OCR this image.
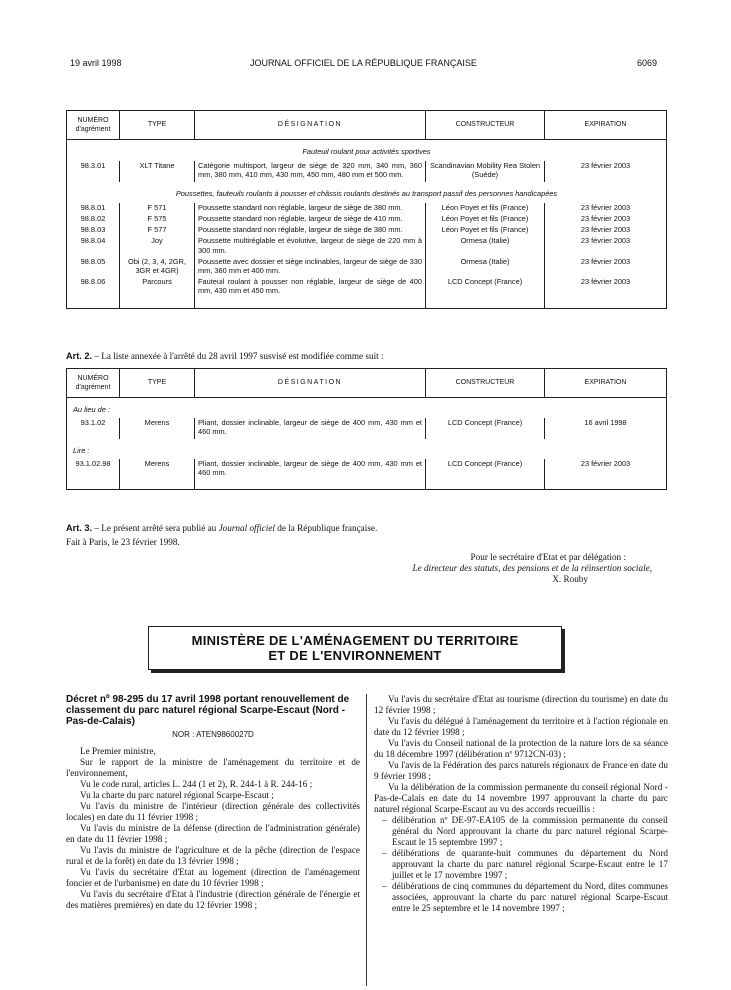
19 avril 1998	JOURNAL OFFICIEL DE LA RÉPUBLIQUE FRANÇAISE	6069
NUMÉRO d'agrément	TYPE	DÉSIGNATION	CONSTRUCTEUR	EXPIRATION
Fauteuil roulant pour activités sportives				
98.3.01	XLT Titane	Catégorie multisport, largeur de siège de 320 mm, 340 mm, 360 mm, 380 mm, 410 mm, 430 mm, 450 mm, 480 mm et 500 mm.	Scandinavian Mobility Rea Stolen (Suède)	23 février 2003
Poussettes, fauteuils roulants à pousser et châssis roulants destinés au transport passif des personnes handicapées				
98.8.01	F 571	Poussette standard non réglable, largeur de siège de 380 mm.	Léon Poyet et fils (France)	23 février 2003
98.8.02	F 575	Poussette standard non réglable, largeur de siège de 410 mm.	Léon Poyet et fils (France)	23 février 2003
98.8.03	F 577	Poussette standard non réglable, largeur de siège de 380 mm.	Léon Poyet et fils (France)	23 février 2003
98.8.04	Joy	Poussette multiréglable et évolutive, largeur de siège de 220 mm à 300 mm.	Ormesa (Italie)	23 février 2003
98.8.05	Obi (2, 3, 4, 2GR, 3GR et 4GR)	Poussette avec dossier et siège inclinables, largeur de siège de 330 mm, 360 mm et 400 mm.	Ormesa (Italie)	23 février 2003
98.8.06	Parcours	Fauteuil roulant à pousser non réglable, largeur de siège de 400 mm, 430 mm et 450 mm.	LCD Concept (France)	23 février 2003
Art. 2. – La liste annexée à l'arrêté du 28 avril 1997 susvisé est modifiée comme suit :
NUMÉRO d'agrément	TYPE	DÉSIGNATION	CONSTRUCTEUR	EXPIRATION
Au lieu de :				
93.1.02	Merens	Pliant, dossier inclinable, largeur de siège de 400 mm, 430 mm et 460 mm.	LCD Concept (France)	16 avril 1998
Lire :				
93.1.02.98	Merens	Pliant, dossier inclinable, largeur de siège de 400 mm, 430 mm et 460 mm.	LCD Concept (France)	23 février 2003
Art. 3. – Le présent arrêté sera publié au Journal officiel de la République française.
Fait à Paris, le 23 février 1998.
Pour le secrétaire d'Etat et par délégation :
Le directeur des statuts, des pensions et de la réinsertion sociale,
X. Rouby
MINISTÈRE DE L'AMÉNAGEMENT DU TERRITOIRE
ET DE L'ENVIRONNEMENT

Décret nº 98-295 du 17 avril 1998 portant renouvellement de classement du parc naturel régional Scarpe-Escaut (Nord - Pas-de-Calais)

NOR : ATEN9860027D

Le Premier ministre,

Sur le rapport de la ministre de l'aménagement du territoire et de l'environnement,

Vu le code rural, articles L. 244 (1 et 2), R. 244-1 à R. 244-16 ;

Vu la charte du parc naturel régional Scarpe-Escaut ;

Vu l'avis du ministre de l'intérieur (direction générale des collectivités locales) en date du 11 février 1998 ;

Vu l'avis du ministre de la défense (direction de l'administration générale) en date du 11 février 1998 ;

Vu l'avis du ministre de l'agriculture et de la pêche (direction de l'espace rural et de la forêt) en date du 13 février 1998 ;

Vu l'avis du secrétaire d'Etat au logement (direction de l'aménagement foncier et de l'urbanisme) en date du 10 février 1998 ;

Vu l'avis du secrétaire d'Etat à l'industrie (direction générale de l'énergie et des matières premières) en date du 12 février 1998 ;

Vu l'avis du secrétaire d'Etat au tourisme (direction du tourisme) en date du 12 février 1998 ;

Vu l'avis du délégué à l'aménagement du territoire et à l'action régionale en date du 12 février 1998 ;

Vu l'avis du Conseil national de la protection de la nature lors de sa séance du 18 décembre 1997 (délibération nº 9712CN-03) ;

Vu l'avis de la Fédération des parcs naturels régionaux de France en date du 9 février 1998 ;

Vu la délibération de la commission permanente du conseil régional Nord - Pas-de-Calais en date du 14 novembre 1997 approuvant la charte du parc naturel régional Scarpe-Escaut au vu des accords recueillis :

– délibération nº DE-97-EA105 de la commission permanente du conseil général du Nord approuvant la charte du parc naturel régional Scarpe-Escaut le 15 septembre 1997 ;
– délibérations de quarante-huit communes du département du Nord approuvant la charte du parc naturel régional Scarpe-Escaut entre le 17 juillet et le 17 novembre 1997 ;
– délibérations de cinq communes du département du Nord, dites communes associées, approuvant la charte du parc naturel régional Scarpe-Escaut entre le 25 septembre et le 14 novembre 1997 ;
